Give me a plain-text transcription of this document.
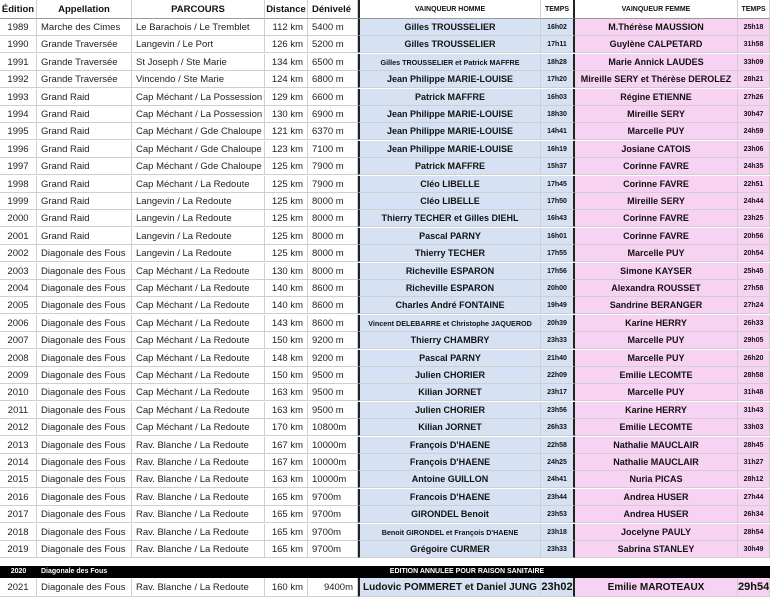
Édition	Appellation	PARCOURS	Distance Dénivelé	VAINQUEUR HOMME	TEMPS	VAINQUEUR FEMME	TEMPS
1989	Marche des Cimes	Le Barachois / Le Tremblet	112 km 5400 m	Gilles TROUSSELIER	16h02	M.Thérèse MAUSSION	25h18
1990	Grande Traversée	Langevin / Le Port	126 km 5200 m	Gilles TROUSSELIER	17h11	Guylène CALPETARD	31h58
1991	Grande Traversée	St Joseph / Ste Marie	134 km 6500 m	Gilles TROUSSELIER et Patrick MAFFRE	18h28	Marie Annick LAUDES	33h09
1992	Grande Traversée	Vincendo / Ste Marie	124 km 6800 m	Jean Philippe MARIE-LOUISE	17h20	Mireille SERY et Thérèse DEROLEZ	28h21
1993	Grand Raid	Cap Méchant / La Possession	129 km 6600 m	Patrick MAFFRE	16h03	Régine ETIENNE	27h26
1994	Grand Raid	Cap Méchant / La Possession	130 km 6900 m	Jean Philippe MARIE-LOUISE	18h30	Mireille SERY	30h47
1995	Grand Raid	Cap Méchant / Gde Chaloupe	121 km 6370 m	Jean Philippe MARIE-LOUISE	14h41	Marcelle PUY	24h59
1996	Grand Raid	Cap Méchant / Gde Chaloupe	123 km 7100 m	Jean Philippe MARIE-LOUISE	16h19	Josiane CATOIS	23h06
1997	Grand Raid	Cap Méchant / Gde Chaloupe	125 km 7900 m	Patrick MAFFRE	15h37	Corinne FAVRE	24h35
1998	Grand Raid	Cap Méchant / La Redoute	125 km 7900 m	Cléo LIBELLE	17h45	Corinne FAVRE	22h51
1999	Grand Raid	Langevin / La Redoute	125 km 8000 m	Cléo LIBELLE	17h50	Mireille SERY	24h44
2000	Grand Raid	Langevin / La Redoute	125 km 8000 m	Thierry TECHER et Gilles DIEHL	16h43	Corinne FAVRE	23h25
2001	Grand Raid	Langevin / La Redoute	125 km 8000 m	Pascal PARNY	16h01	Corinne FAVRE	20h56
2002	Diagonale des Fous	Langevin / La Redoute	125 km 8000 m	Thierry TECHER	17h55	Marcelle PUY	20h54
2003	Diagonale des Fous	Cap Méchant / La Redoute	130 km 8000 m	Richeville ESPARON	17h56	Simone KAYSER	25h45
2004	Diagonale des Fous	Cap Méchant / La Redoute	140 km 8600 m	Richeville ESPARON	20h00	Alexandra ROUSSET	27h58
2005	Diagonale des Fous	Cap Méchant / La Redoute	140 km 8600 m	Charles André FONTAINE	19h49	Sandrine BERANGER	27h24
2006	Diagonale des Fous	Cap Méchant / La Redoute	143 km 8600 m	Vincent DELEBARRE et Christophe JAQUEROD	20h39	Karine HERRY	26h33
2007	Diagonale des Fous	Cap Méchant / La Redoute	150 km 9200 m	Thierry CHAMBRY	23h33	Marcelle PUY	29h05
2008	Diagonale des Fous	Cap Méchant / La Redoute	148 km 9200 m	Pascal PARNY	21h40	Marcelle PUY	26h20
2009	Diagonale des Fous	Cap Méchant / La Redoute	150 km 9500 m	Julien CHORIER	22h09	Emilie LECOMTE	28h58
2010	Diagonale des Fous	Cap Méchant / La Redoute	163 km 9500 m	Kilian JORNET	23h17	Marcelle PUY	31h48
2011	Diagonale des Fous	Cap Méchant / La Redoute	163 km 9500 m	Julien CHORIER	23h56	Karine HERRY	31h43
2012	Diagonale des Fous	Cap Méchant / La Redoute	170 km 10800m	Kilian JORNET	26h33	Emilie LECOMTE	33h03
2013	Diagonale des Fous	Rav. Blanche / La Redoute	167 km 10000m	François D'HAENE	22h58	Nathalie MAUCLAIR	28h45
2014	Diagonale des Fous	Rav. Blanche / La Redoute	167 km 10000m	François D'HAENE	24h25	Nathalie MAUCLAIR	31h27
2015	Diagonale des Fous	Rav. Blanche / La Redoute	163 km 10000m	Antoine GUILLON	24h41	Nuria PICAS	28h12
2016	Diagonale des Fous	Rav. Blanche / La Redoute	165 km 9700m	Francois D'HAENE	23h44	Andrea HUSER	27h44
2017	Diagonale des Fous	Rav. Blanche / La Redoute	165 km 9700m	GIRONDEL Benoit	23h53	Andrea HUSER	26h34
2018	Diagonale des Fous	Rav. Blanche / La Redoute	165 km 9700m	Benoit GIRONDEL et François D'HAENE	23h18	Jocelyne PAULY	28h54
2019	Diagonale des Fous	Rav. Blanche / La Redoute	165 km 9700m	Grégoire CURMER	23h33	Sabrina STANLEY	30h49
2020	Diagonale des Fous	EDITION ANNULEE POUR RAISON SANITAIRE
2021	Diagonale des Fous	Rav. Blanche / La Redoute	160 km	9400m	Ludovic POMMERET et Daniel JUNG 23h02	Emilie MAROTEAUX	29h54
